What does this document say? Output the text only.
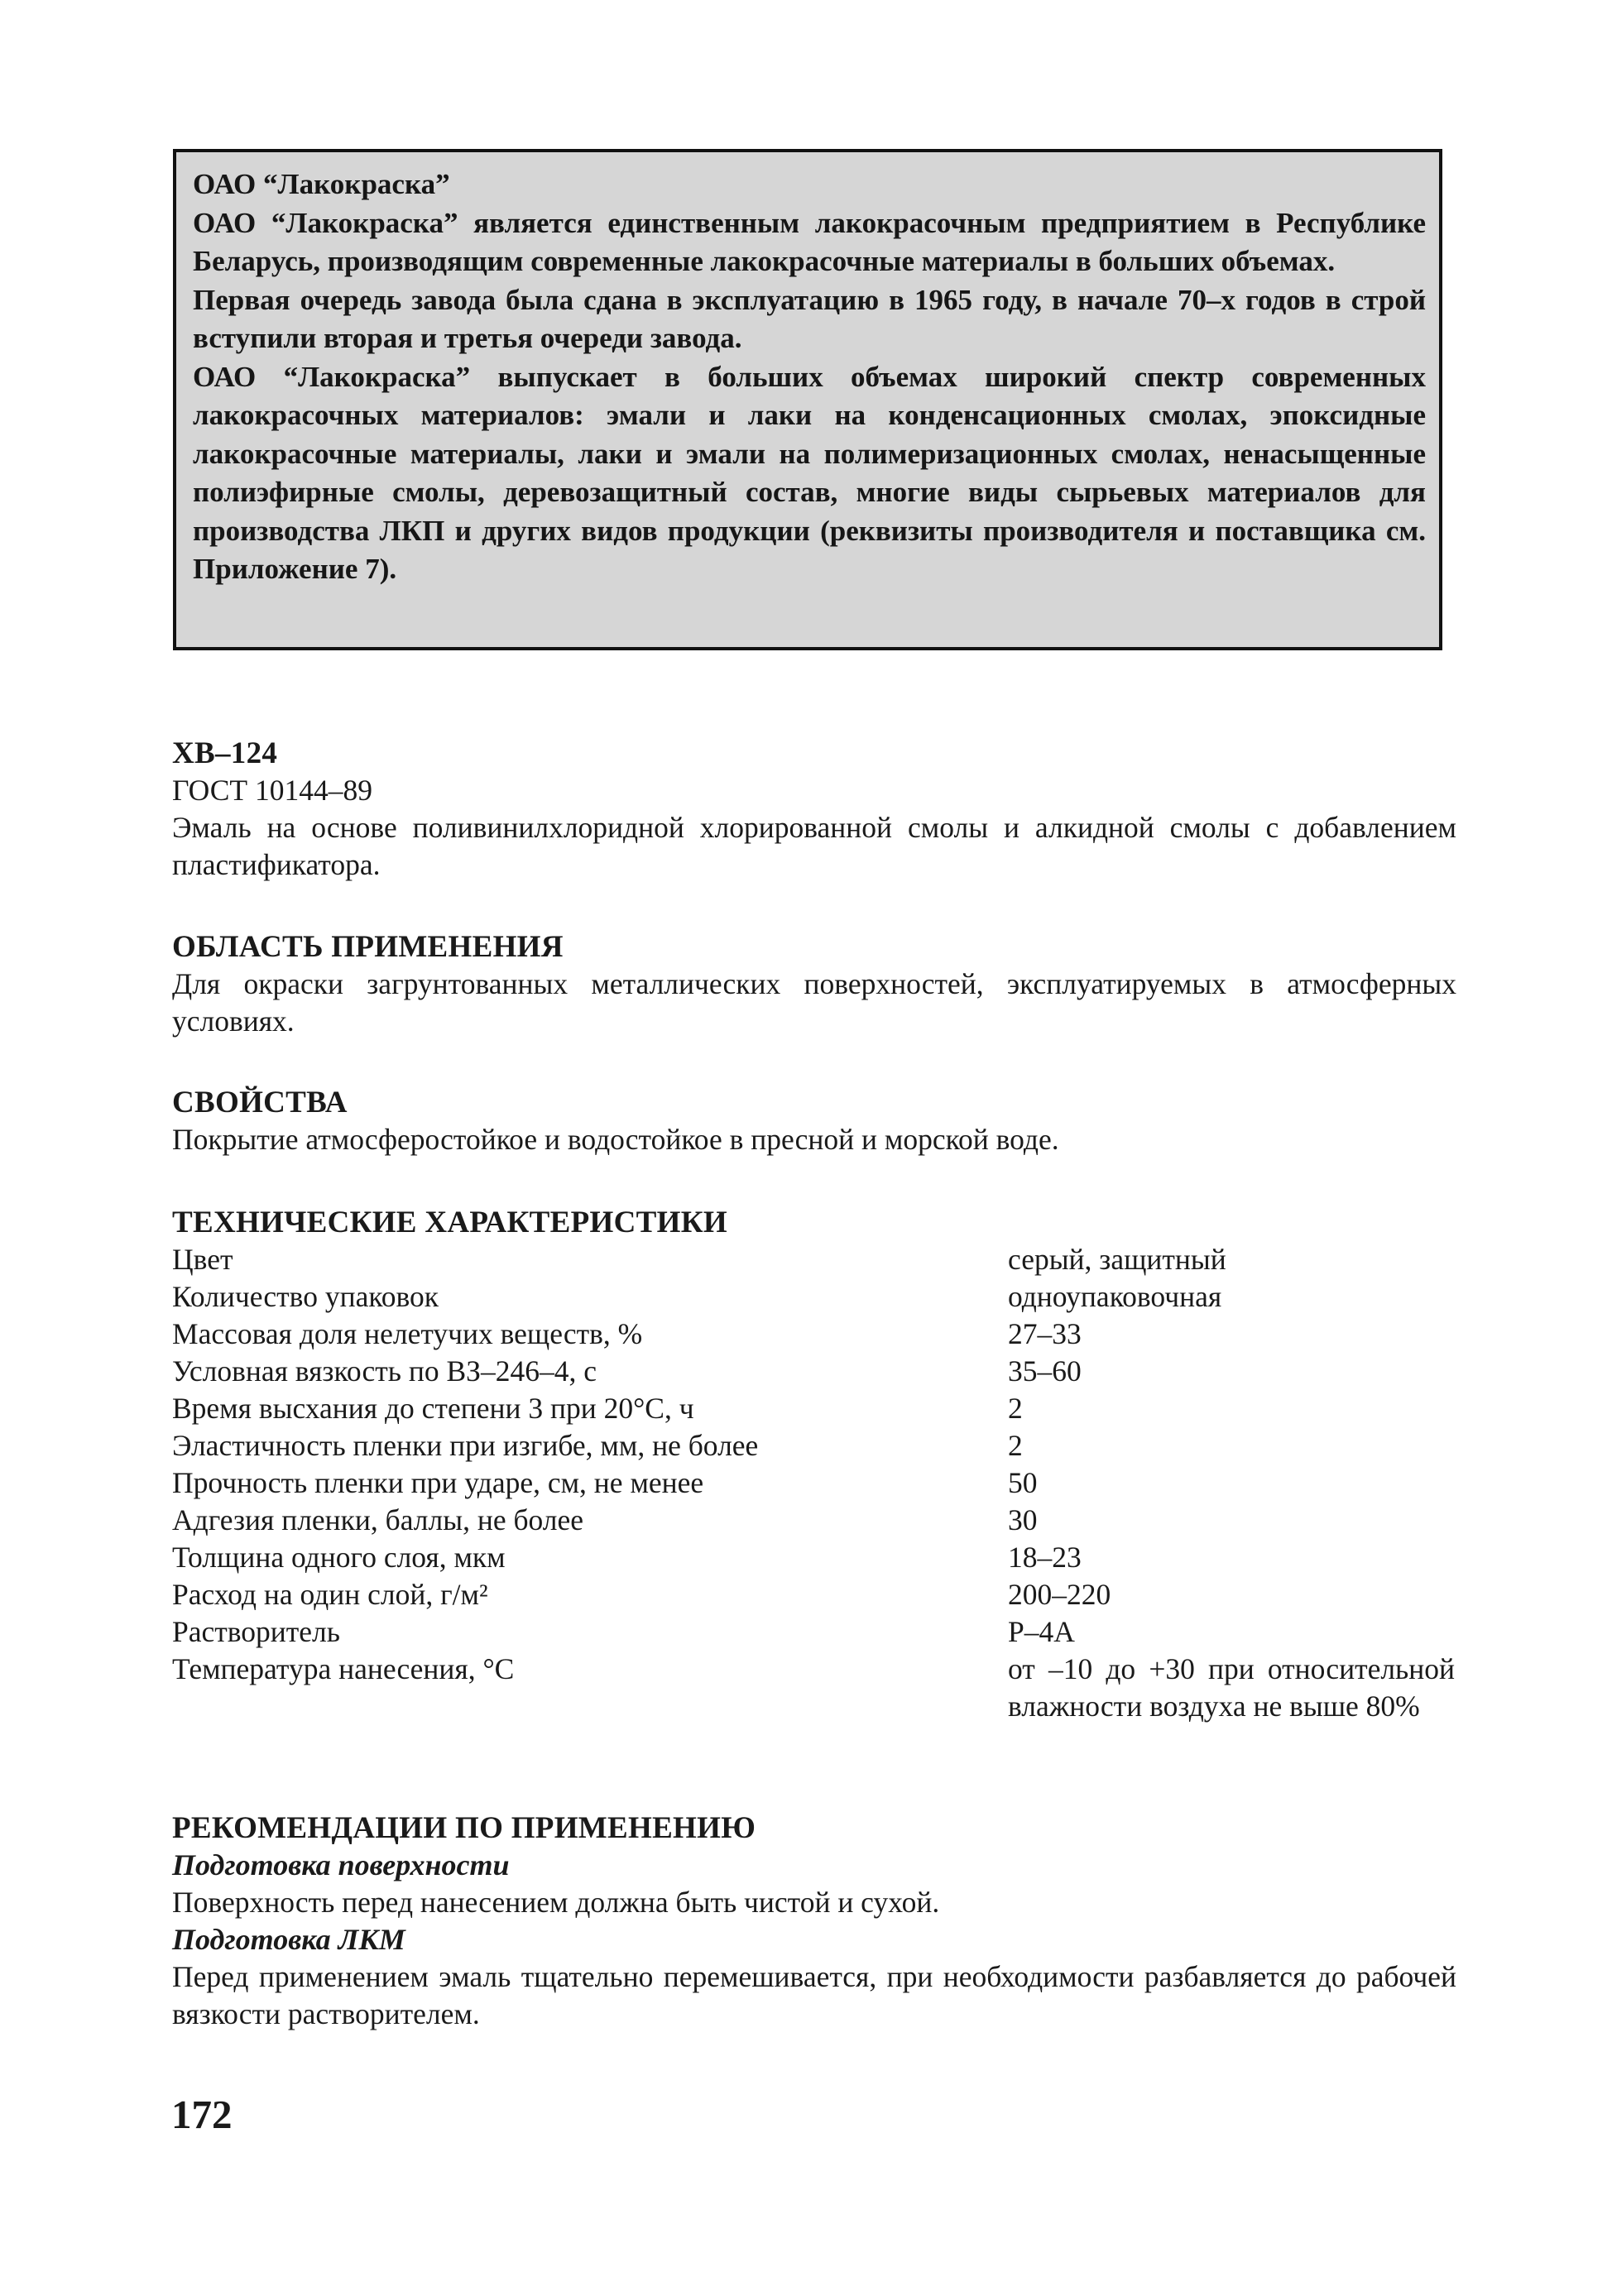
ОАО “Лакокраска”

ОАО “Лакокраска” является единственным лакокрасочным предприятием в Республике Беларусь, производящим современные лакокрасочные материалы в больших объемах.

Первая очередь завода была сдана в эксплуатацию в 1965 году, в начале 70–х годов в строй вступили вторая и третья очереди завода.

ОАО “Лакокраска” выпускает в больших объемах широкий спектр современных лакокрасочных материалов: эмали и лаки на конденсационных смолах, эпоксидные лакокрасочные материалы, лаки и эмали на полимеризационных смолах, ненасыщенные полиэфирные смолы, деревозащитный состав, многие виды сырьевых материалов для производства ЛКП и других видов продукции (реквизиты производителя и поставщика см. Приложение 7).

ХВ–124
ГОСТ 10144–89

Эмаль на основе поливинилхлоридной хлорированной смолы и алкидной смолы с добавлением пластификатора.

ОБЛАСТЬ ПРИМЕНЕНИЯ

Для окраски загрунтованных металлических поверхностей, эксплуатируемых в атмосферных условиях.

СВОЙСТВА

Покрытие атмосферостойкое и водостойкое в пресной и морской воде.

ТЕХНИЧЕСКИЕ ХАРАКТЕРИСТИКИ
Цвет	серый, защитный
Количество упаковок	одноупаковочная
Массовая доля нелетучих веществ, %	27–33
Условная вязкость по ВЗ–246–4, с	35–60
Время высхания до степени 3 при 20°С, ч	2
Эластичность пленки при изгибе, мм, не более	2
Прочность пленки при ударе, см, не менее	50
Адгезия пленки, баллы, не более	30
Толщина одного слоя, мкм	18–23
Расход на один слой, г/м²	200–220
Растворитель	Р–4А
Температура нанесения, °С	от –10 до +30 при относительной влажности воздуха не выше 80%
РЕКОМЕНДАЦИИ ПО ПРИМЕНЕНИЮ
Подготовка поверхности

Поверхность перед нанесением должна быть чистой и сухой.

Подготовка ЛКМ

Перед применением эмаль тщательно перемешивается, при необходимости разбавляется до рабочей вязкости растворителем.

172
